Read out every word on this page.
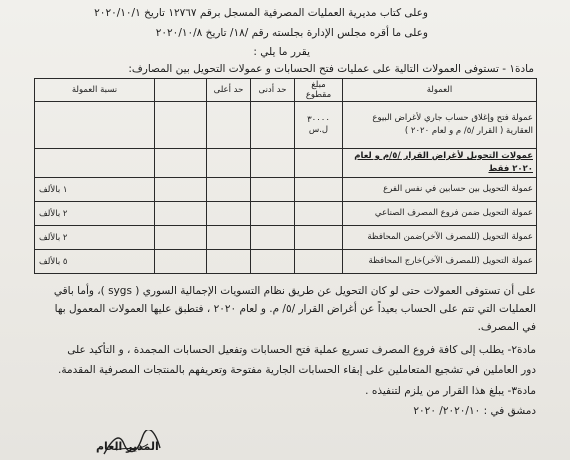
وعلى كتاب مديرية العمليات المصرفية المسجل برقم ١٢٧٦٧ تاريخ ٢٠٢٠/١٠/١
وعلى ما أقره مجلس الإدارة بجلسته رقم /١٨/ تاريخ ٢٠٢٠/١٠/٨
يقرر ما يلي :
مادة١ - تستوفى العمولات التالية على عمليات فتح الحسابات و عمولات التحويل بين المصارف:
العمولة	مبلغ مقطوع	حد أدنى	حد أعلى		نسبة العمولة
عمولة فتح وإغلاق حساب جاري لأغراض البيوع العقارية ( القرار /٥/ م و لعام ٢٠٢٠ )	٣٠٠٠٠ ل.س				
عمولات التحويل لأغراض القرار /٥/م و لعام ٢٠٢٠ فقط					
عمولة التحويل بين حسابين في نفس الفرع					١ بالألف
عمولة التحويل ضمن فروع المصرف الصناعي					٢ بالألف
عمولة التحويل (للمصرف الآخر)ضمن المحافظة					٢ بالألف
عمولة التحويل (للمصرف الآخر)خارج المحافظة					٥ بالألف
على أن تستوفى العمولات حتى لو كان التحويل عن طريق نظام التسويات الإجمالية السوري ( sygs )، وأما باقي
العمليات التي تتم على الحساب بعيداً عن أغراض القرار /٥/ م. و لعام ٢٠٢٠ ، فتطبق عليها العمولات المعمول بها
في المصرف.
مادة٢- يطلب إلى كافة فروع المصرف تسريع عملية فتح الحسابات وتفعيل الحسابات المجمدة ، و التأكيد على
دور العاملين في تشجيع المتعاملين على إبقاء الحسابات الجارية مفتوحة وتعريفهم بالمنتجات المصرفية المقدمة.
مادة٣- يبلغ هذا القرار من يلزم لتنفيذه .
دمشق في : ٢٠٢٠/١٠/ ٢٠٢٠
المدير العام
